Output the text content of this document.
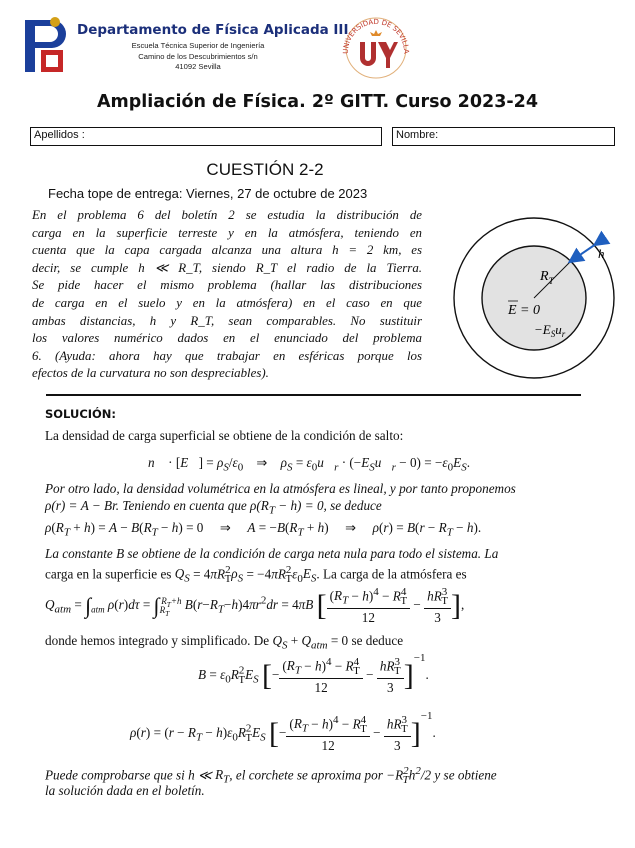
Departamento de Física Aplicada III
Escuela Técnica Superior de Ingeniería
Camino de los Descubrimientos s/n
41092 Sevilla
UNIVERSIDAD DE SEVILLA
Ampliación de Física. 2º GITT. Curso 2023-24
Apellidos :	Nombre:
CUESTIÓN 2-2
Fecha tope de entrega: Viernes, 27 de octubre de 2023
En el problema 6 del boletín 2 se estudia la distribución de
carga en la superficie terreste y en la atmósfera, teniendo en
cuenta que la capa cargada alcanza una altura h = 2 km, es
decir, se cumple h ≪ R_T, siendo R_T el radio de la Tierra.
Se pide hacer el mismo problema (hallar las distribuciones
de carga en el suelo y en la atmósfera) en el caso en que
ambas distancias, h y R_T, sean comparables. No sustituir
los valores numérico dados en el enunciado del problema
6. (Ayuda: ahora hay que trabajar en esféricas porque los
efectos de la curvatura no son despreciables).
h
$R_T$
E = 0
$-E_Su_r$
SOLUCIÓN:
La densidad de carga superficial se obtiene de la condición de salto:
n⃗ · [E⃗] = $\rho_S/\varepsilon_0$    ⇒    $\rho_S$ = $\varepsilon_0u⃗_r$ · $(-E_Su⃗_r - 0) = -\varepsilon_0E_S$.
Por otro lado, la densidad volumétrica en la atmósfera es lineal, y por tanto proponemos
ρ(r) = A − Br. Teniendo en cuenta que $\rho(R_T - h) = 0$, se deduce
$\rho(R_T + h) = A - B(R_T - h) = 0$     ⇒     $A = -B(R_T + h)$     ⇒     $\rho(r) = B(r - R_T - h)$.
La constante B se obtiene de la condición de carga neta nula para todo el sistema. La
carga en la superficie es $Q_S = 4\pi R^2_T\rho_S = -4\pi R^2_T\varepsilon_0E_S$. La carga de la atmósfera es
$Q_{atm} = \int_{atm}$ $\rho(r)d\tau = \int_{R_T}^{R_T+h}$ $B(r-R_T-h)4\pi r^2dr = 4\pi B$ [ $\frac{(R_T - h)^4 - R^4_T}{12} - \frac{hR^3_T}{3}$ ],
donde hemos integrado y simplificado. De $Q_S + Q_{atm} = 0$ se deduce
$B = \varepsilon_0R^2_TE_S$ [− $\frac{(R_T - h)^4 - R^4_T}{12} - \frac{hR^3_T}{3} ]^{-1}$.
$\rho(r) = (r - R_T - h)\varepsilon_0R^2_TE_S$ [− $\frac{(R_T - h)^4 - R^4_T}{12} - \frac{hR^3_T}{3} ]^{-1}$.
Puede comprobarse que si h ≪ $R_T$, el corchete se aproxima por $-R^2_Th^2/2$ y se obtiene
la solución dada en el boletín.
